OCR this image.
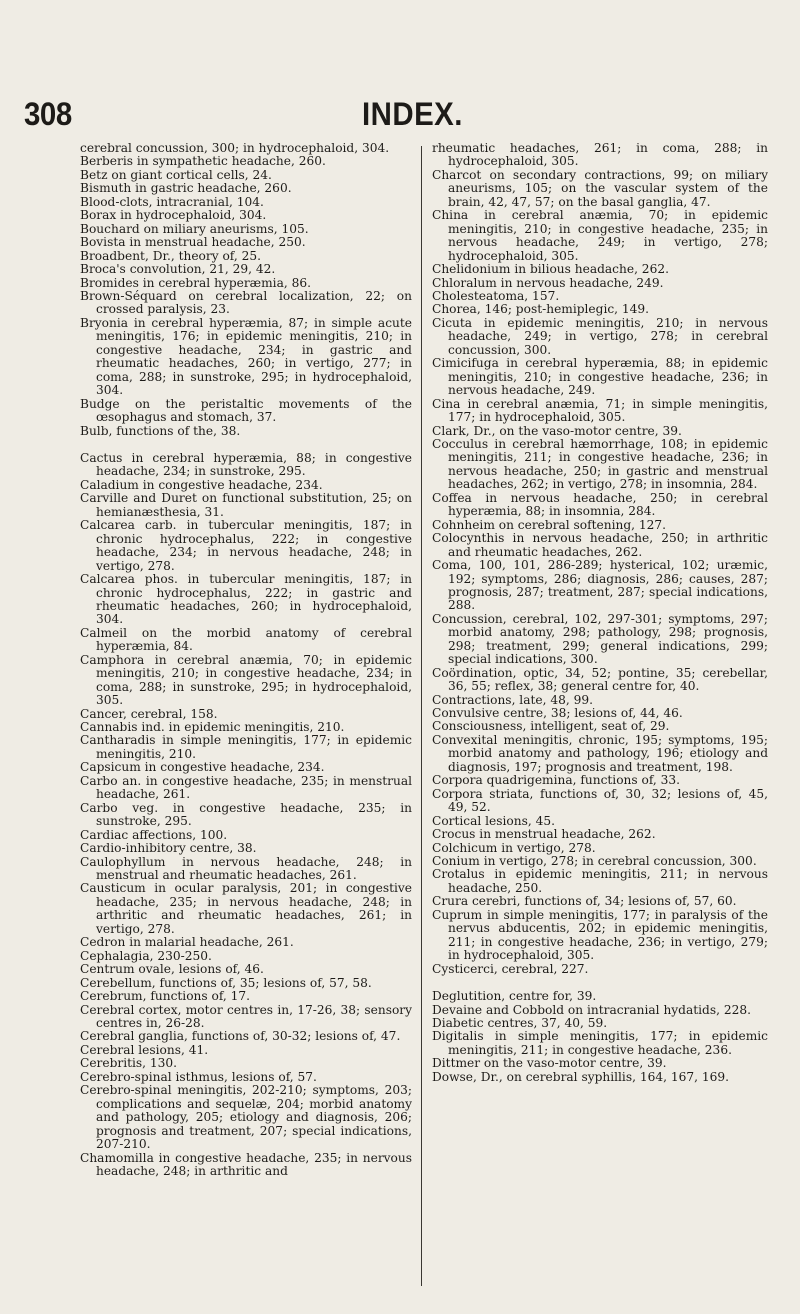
308	INDEX.

cerebral concussion, 300; in hydrocephaloid, 304.

Berberis in sympathetic headache, 260.

Betz on giant cortical cells, 24.

Bismuth in gastric headache, 260.

Blood-clots, intracranial, 104.

Borax in hydrocephaloid, 304.

Bouchard on miliary aneurisms, 105.

Bovista in menstrual headache, 250.

Broadbent, Dr., theory of, 25.

Broca's convolution, 21, 29, 42.

Bromides in cerebral hyperæmia, 86.

Brown-Séquard on cerebral localization, 22; on crossed paralysis, 23.

Bryonia in cerebral hyperæmia, 87; in simple acute meningitis, 176; in epidemic meningitis, 210; in congestive headache, 234; in gastric and rheumatic headaches, 260; in vertigo, 277; in coma, 288; in sunstroke, 295; in hydrocephaloid, 304.

Budge on the peristaltic movements of the œsophagus and stomach, 37.

Bulb, functions of the, 38.

Cactus in cerebral hyperæmia, 88; in congestive headache, 234; in sunstroke, 295.

Caladium in congestive headache, 234.

Carville and Duret on functional substitution, 25; on hemianæsthesia, 31.

Calcarea carb. in tubercular meningitis, 187; in chronic hydrocephalus, 222; in congestive headache, 234; in nervous headache, 248; in vertigo, 278.

Calcarea phos. in tubercular meningitis, 187; in chronic hydrocephalus, 222; in gastric and rheumatic headaches, 260; in hydrocephaloid, 304.

Calmeil on the morbid anatomy of cerebral hyperæmia, 84.

Camphora in cerebral anæmia, 70; in epidemic meningitis, 210; in congestive headache, 234; in coma, 288; in sunstroke, 295; in hydrocephaloid, 305.

Cancer, cerebral, 158.

Cannabis ind. in epidemic meningitis, 210.

Cantharadis in simple meningitis, 177; in epidemic meningitis, 210.

Capsicum in congestive headache, 234.

Carbo an. in congestive headache, 235; in menstrual headache, 261.

Carbo veg. in congestive headache, 235; in sunstroke, 295.

Cardiac affections, 100.

Cardio-inhibitory centre, 38.

Caulophyllum in nervous headache, 248; in menstrual and rheumatic headaches, 261.

Causticum in ocular paralysis, 201; in congestive headache, 235; in nervous headache, 248; in arthritic and rheumatic headaches, 261; in vertigo, 278.

Cedron in malarial headache, 261.

Cephalagia, 230-250.

Centrum ovale, lesions of, 46.

Cerebellum, functions of, 35; lesions of, 57, 58.

Cerebrum, functions of, 17.

Cerebral cortex, motor centres in, 17-26, 38; sensory centres in, 26-28.

Cerebral ganglia, functions of, 30-32; lesions of, 47.

Cerebral lesions, 41.

Cerebritis, 130.

Cerebro-spinal isthmus, lesions of, 57.

Cerebro-spinal meningitis, 202-210; symptoms, 203; complications and sequelæ, 204; morbid anatomy and pathology, 205; etiology and diagnosis, 206; prognosis and treatment, 207; special indications, 207-210.

Chamomilla in congestive headache, 235; in nervous headache, 248; in arthritic and

rheumatic headaches, 261; in coma, 288; in hydrocephaloid, 305.

Charcot on secondary contractions, 99; on miliary aneurisms, 105; on the vascular system of the brain, 42, 47, 57; on the basal ganglia, 47.

China in cerebral anæmia, 70; in epidemic meningitis, 210; in congestive headache, 235; in nervous headache, 249; in vertigo, 278; hydrocephaloid, 305.

Chelidonium in bilious headache, 262.

Chloralum in nervous headache, 249.

Cholesteatoma, 157.

Chorea, 146; post-hemiplegic, 149.

Cicuta in epidemic meningitis, 210; in nervous headache, 249; in vertigo, 278; in cerebral concussion, 300.

Cimicifuga in cerebral hyperæmia, 88; in epidemic meningitis, 210; in congestive headache, 236; in nervous headache, 249.

Cina in cerebral anæmia, 71; in simple meningitis, 177; in hydrocephaloid, 305.

Clark, Dr., on the vaso-motor centre, 39.

Cocculus in cerebral hæmorrhage, 108; in epidemic meningitis, 211; in congestive headache, 236; in nervous headache, 250; in gastric and menstrual headaches, 262; in vertigo, 278; in insomnia, 284.

Coffea in nervous headache, 250; in cerebral hyperæmia, 88; in insomnia, 284.

Cohnheim on cerebral softening, 127.

Colocynthis in nervous headache, 250; in arthritic and rheumatic headaches, 262.

Coma, 100, 101, 286-289; hysterical, 102; uræmic, 192; symptoms, 286; diagnosis, 286; causes, 287; prognosis, 287; treatment, 287; special indications, 288.

Concussion, cerebral, 102, 297-301; symptoms, 297; morbid anatomy, 298; pathology, 298; prognosis, 298; treatment, 299; general indications, 299; special indications, 300.

Coördination, optic, 34, 52; pontine, 35; cerebellar, 36, 55; reflex, 38; general centre for, 40.

Contractions, late, 48, 99.

Convulsive centre, 38; lesions of, 44, 46.

Consciousness, intelligent, seat of, 29.

Convexital meningitis, chronic, 195; symptoms, 195; morbid anatomy and pathology, 196; etiology and diagnosis, 197; prognosis and treatment, 198.

Corpora quadrigemina, functions of, 33.

Corpora striata, functions of, 30, 32; lesions of, 45, 49, 52.

Cortical lesions, 45.

Crocus in menstrual headache, 262.

Colchicum in vertigo, 278.

Conium in vertigo, 278; in cerebral concussion, 300.

Crotalus in epidemic meningitis, 211; in nervous headache, 250.

Crura cerebri, functions of, 34; lesions of, 57, 60.

Cuprum in simple meningitis, 177; in paralysis of the nervus abducentis, 202; in epidemic meningitis, 211; in congestive headache, 236; in vertigo, 279; in hydrocephaloid, 305.

Cysticerci, cerebral, 227.

Deglutition, centre for, 39.

Devaine and Cobbold on intracranial hydatids, 228.

Diabetic centres, 37, 40, 59.

Digitalis in simple meningitis, 177; in epidemic meningitis, 211; in congestive headache, 236.

Dittmer on the vaso-motor centre, 39.

Dowse, Dr., on cerebral syphillis, 164, 167, 169.
